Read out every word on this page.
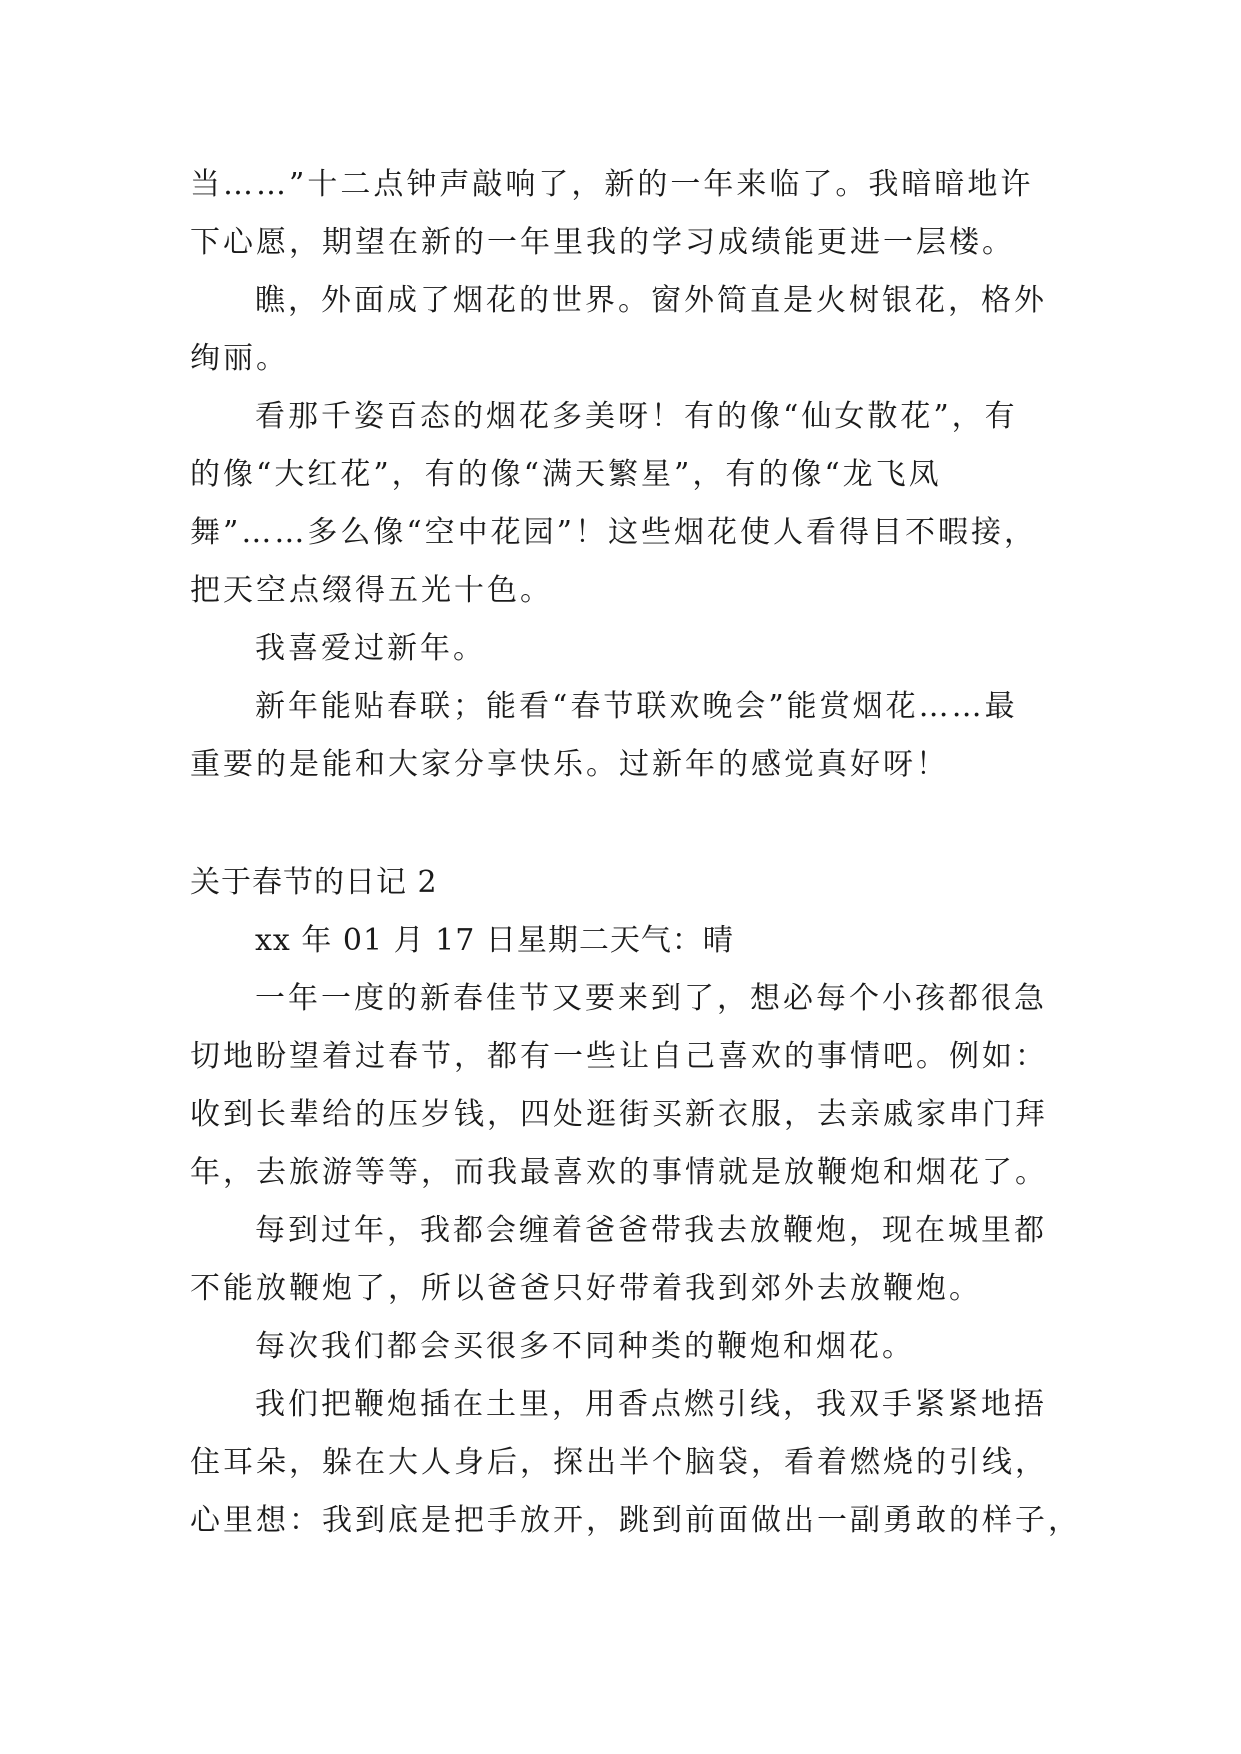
当……”十二点钟声敲响了，新的一年来临了。我暗暗地许
下心愿，期望在新的一年里我的学习成绩能更进一层楼。
瞧，外面成了烟花的世界。窗外简直是火树银花，格外
绚丽。
看那千姿百态的烟花多美呀！有的像“仙女散花”，有
的像“大红花”，有的像“满天繁星”，有的像“龙飞凤
舞”……多么像“空中花园”！这些烟花使人看得目不暇接，
把天空点缀得五光十色。
我喜爱过新年。
新年能贴春联；能看“春节联欢晚会”能赏烟花……最
重要的是能和大家分享快乐。过新年的感觉真好呀！
关于春节的日记 2
xx 年 01 月 17 日星期二天气：晴
一年一度的新春佳节又要来到了，想必每个小孩都很急
切地盼望着过春节，都有一些让自己喜欢的事情吧。例如：
收到长辈给的压岁钱，四处逛街买新衣服，去亲戚家串门拜
年，去旅游等等，而我最喜欢的事情就是放鞭炮和烟花了。
每到过年，我都会缠着爸爸带我去放鞭炮，现在城里都
不能放鞭炮了，所以爸爸只好带着我到郊外去放鞭炮。
每次我们都会买很多不同种类的鞭炮和烟花。
我们把鞭炮插在土里，用香点燃引线，我双手紧紧地捂
住耳朵，躲在大人身后，探出半个脑袋，看着燃烧的引线，
心里想：我到底是把手放开，跳到前面做出一副勇敢的样子，
